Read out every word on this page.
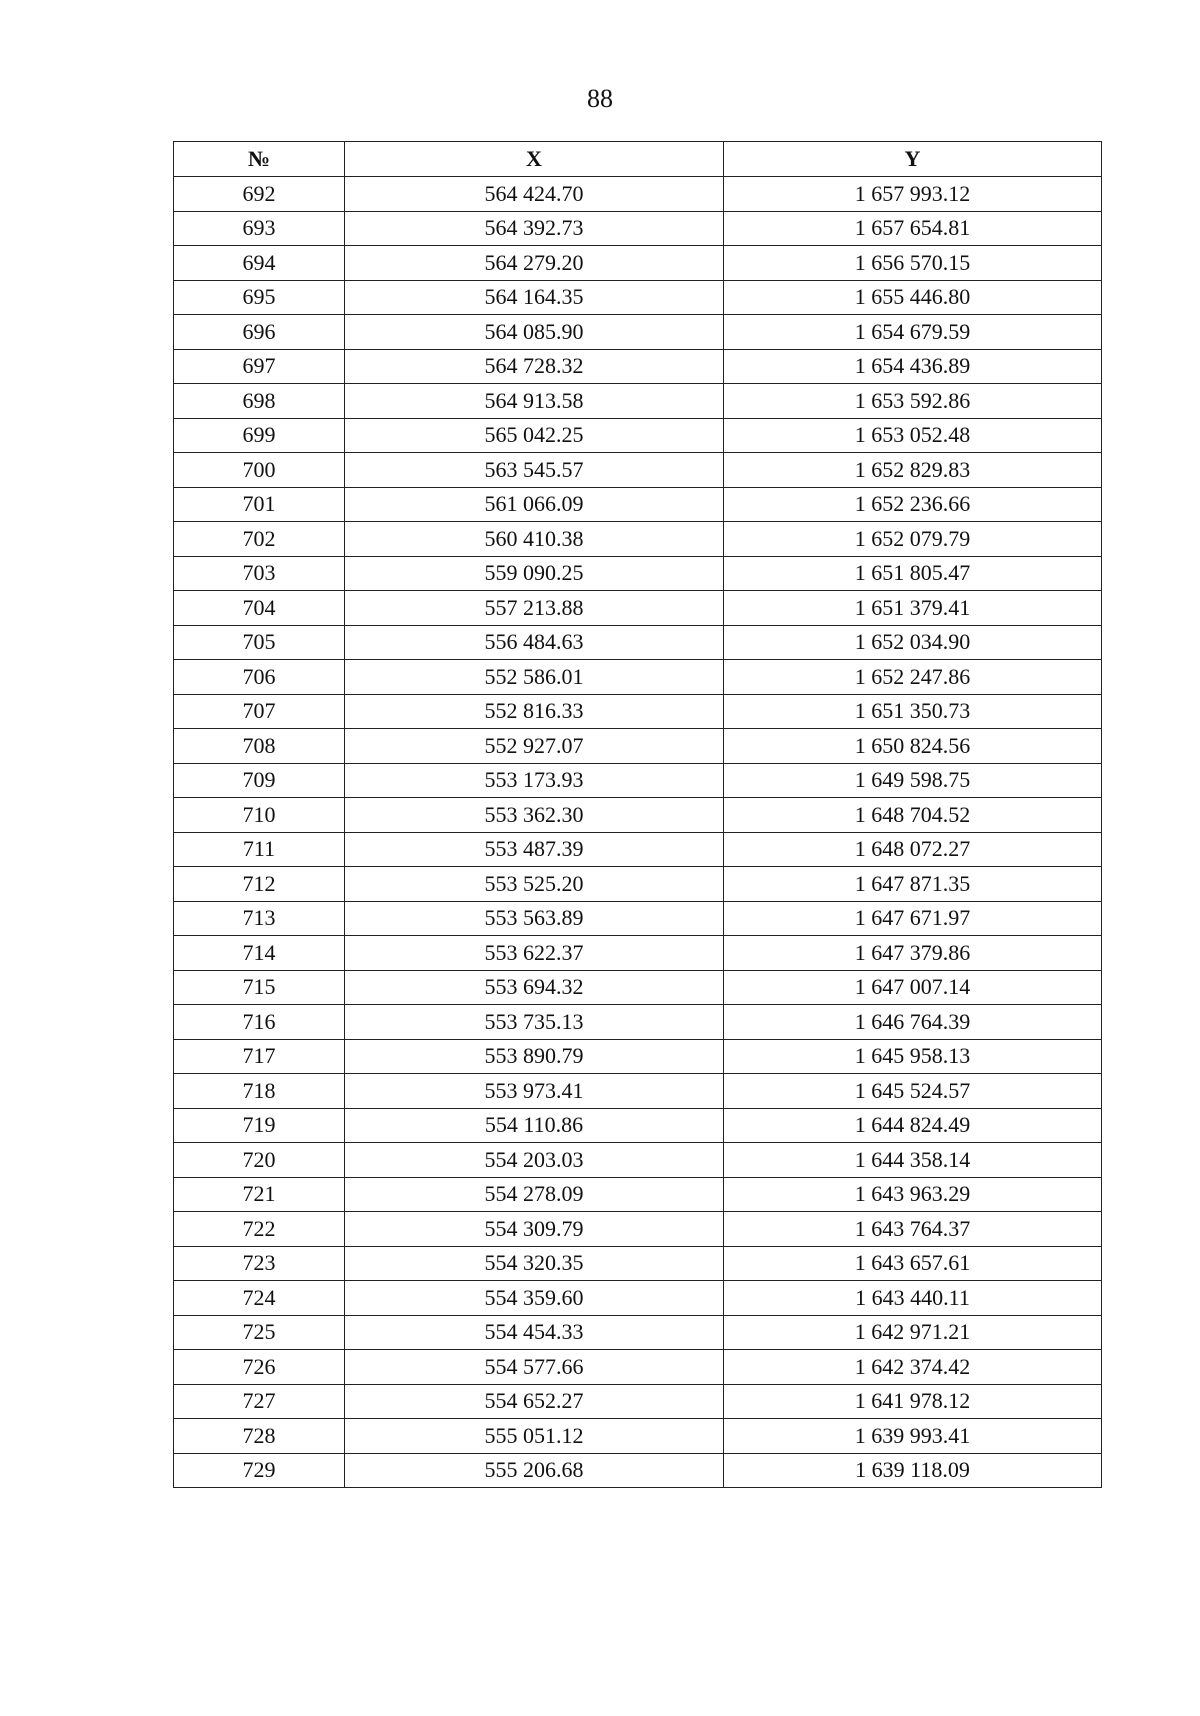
88
№	X	Y
692	564 424.70	1 657 993.12
693	564 392.73	1 657 654.81
694	564 279.20	1 656 570.15
695	564 164.35	1 655 446.80
696	564 085.90	1 654 679.59
697	564 728.32	1 654 436.89
698	564 913.58	1 653 592.86
699	565 042.25	1 653 052.48
700	563 545.57	1 652 829.83
701	561 066.09	1 652 236.66
702	560 410.38	1 652 079.79
703	559 090.25	1 651 805.47
704	557 213.88	1 651 379.41
705	556 484.63	1 652 034.90
706	552 586.01	1 652 247.86
707	552 816.33	1 651 350.73
708	552 927.07	1 650 824.56
709	553 173.93	1 649 598.75
710	553 362.30	1 648 704.52
711	553 487.39	1 648 072.27
712	553 525.20	1 647 871.35
713	553 563.89	1 647 671.97
714	553 622.37	1 647 379.86
715	553 694.32	1 647 007.14
716	553 735.13	1 646 764.39
717	553 890.79	1 645 958.13
718	553 973.41	1 645 524.57
719	554 110.86	1 644 824.49
720	554 203.03	1 644 358.14
721	554 278.09	1 643 963.29
722	554 309.79	1 643 764.37
723	554 320.35	1 643 657.61
724	554 359.60	1 643 440.11
725	554 454.33	1 642 971.21
726	554 577.66	1 642 374.42
727	554 652.27	1 641 978.12
728	555 051.12	1 639 993.41
729	555 206.68	1 639 118.09
